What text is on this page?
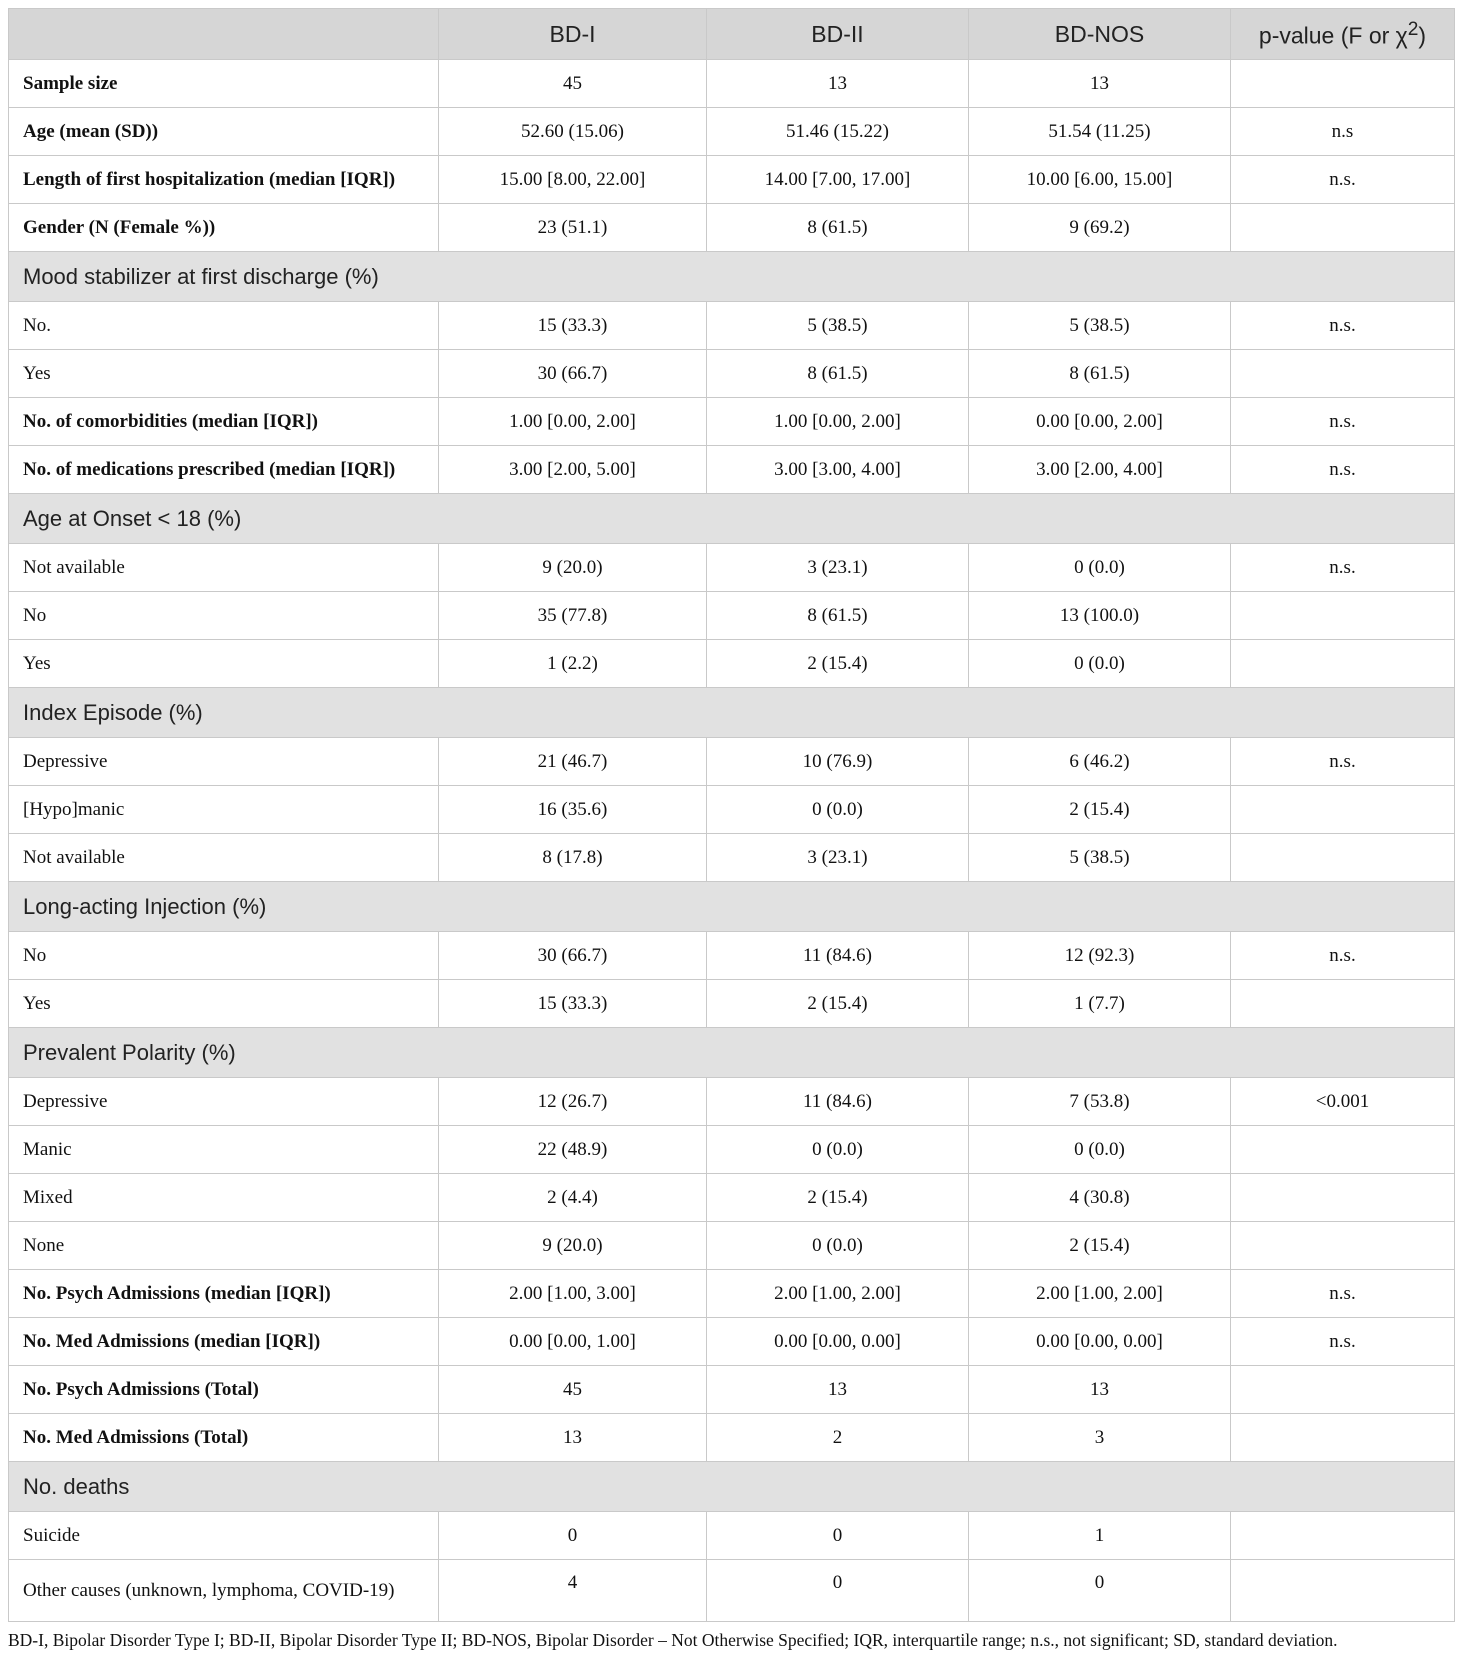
	BD-I	BD-II	BD-NOS	p-value (F or $\chi^2$)
Sample size	45	13	13	
Age (mean (SD))	52.60 (15.06)	51.46 (15.22)	51.54 (11.25)	n.s
Length of first hospitalization (median [IQR])	15.00 [8.00, 22.00]	14.00 [7.00, 17.00]	10.00 [6.00, 15.00]	n.s.
Gender (N (Female %))	23 (51.1)	8 (61.5)	9 (69.2)	
Mood stabilizer at first discharge (%)				
No.	15 (33.3)	5 (38.5)	5 (38.5)	n.s.
Yes	30 (66.7)	8 (61.5)	8 (61.5)	
No. of comorbidities (median [IQR])	1.00 [0.00, 2.00]	1.00 [0.00, 2.00]	0.00 [0.00, 2.00]	n.s.
No. of medications prescribed (median [IQR])	3.00 [2.00, 5.00]	3.00 [3.00, 4.00]	3.00 [2.00, 4.00]	n.s.
Age at Onset < 18 (%)				
Not available	9 (20.0)	3 (23.1)	0 (0.0)	n.s.
No	35 (77.8)	8 (61.5)	13 (100.0)	
Yes	1 (2.2)	2 (15.4)	0 (0.0)	
Index Episode (%)				
Depressive	21 (46.7)	10 (76.9)	6 (46.2)	n.s.
[Hypo]manic	16 (35.6)	0 (0.0)	2 (15.4)	
Not available	8 (17.8)	3 (23.1)	5 (38.5)	
Long-acting Injection (%)				
No	30 (66.7)	11 (84.6)	12 (92.3)	n.s.
Yes	15 (33.3)	2 (15.4)	1 (7.7)	
Prevalent Polarity (%)				
Depressive	12 (26.7)	11 (84.6)	7 (53.8)	<0.001
Manic	22 (48.9)	0 (0.0)	0 (0.0)	
Mixed	2 (4.4)	2 (15.4)	4 (30.8)	
None	9 (20.0)	0 (0.0)	2 (15.4)	
No. Psych Admissions (median [IQR])	2.00 [1.00, 3.00]	2.00 [1.00, 2.00]	2.00 [1.00, 2.00]	n.s.
No. Med Admissions (median [IQR])	0.00 [0.00, 1.00]	0.00 [0.00, 0.00]	0.00 [0.00, 0.00]	n.s.
No. Psych Admissions (Total)	45	13	13	
No. Med Admissions (Total)	13	2	3	
No. deaths				
Suicide	0	0	1	
Other causes (unknown, lymphoma, COVID-19)	4	0	0	
BD-I, Bipolar Disorder Type I; BD-II, Bipolar Disorder Type II; BD-NOS, Bipolar Disorder – Not Otherwise Specified; IQR, interquartile range; n.s., not significant; SD, standard deviation.
